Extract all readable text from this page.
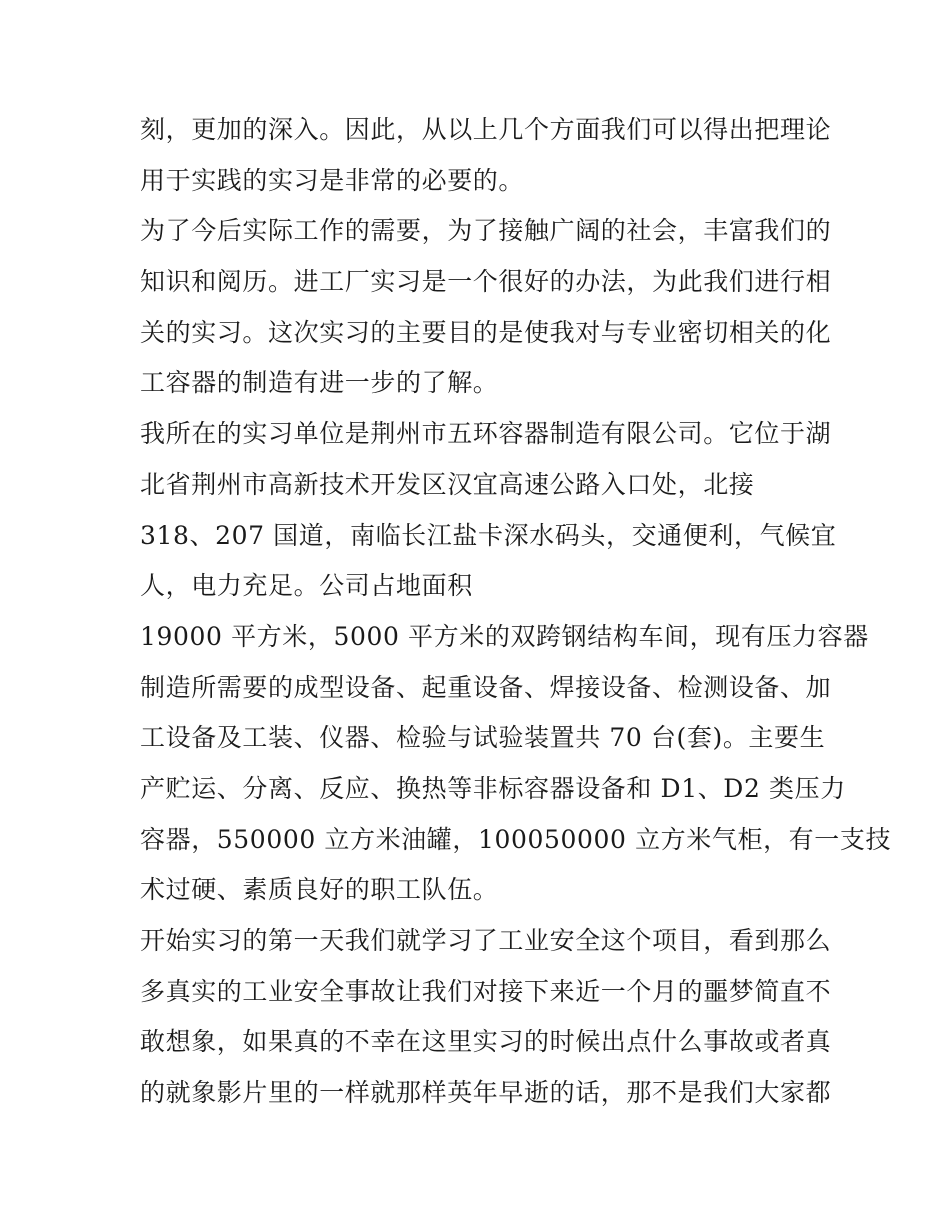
刻，更加的深入。因此，从以上几个方面我们可以得出把理论
用于实践的实习是非常的必要的。
为了今后实际工作的需要，为了接触广阔的社会，丰富我们的
知识和阅历。进工厂实习是一个很好的办法，为此我们进行相
关的实习。这次实习的主要目的是使我对与专业密切相关的化
工容器的制造有进一步的了解。
我所在的实习单位是荆州市五环容器制造有限公司。它位于湖
北省荆州市高新技术开发区汉宜高速公路入口处，北接
318、207 国道，南临长江盐卡深水码头，交通便利，气候宜
人，电力充足。公司占地面积
19000 平方米，5000 平方米的双跨钢结构车间，现有压力容器
制造所需要的成型设备、起重设备、焊接设备、检测设备、加
工设备及工装、仪器、检验与试验装置共 70 台(套)。主要生
产贮运、分离、反应、换热等非标容器设备和 D1、D2 类压力
容器，550000 立方米油罐，100050000 立方米气柜，有一支技
术过硬、素质良好的职工队伍。
开始实习的第一天我们就学习了工业安全这个项目，看到那么
多真实的工业安全事故让我们对接下来近一个月的噩梦简直不
敢想象，如果真的不幸在这里实习的时候出点什么事故或者真
的就象影片里的一样就那样英年早逝的话，那不是我们大家都
